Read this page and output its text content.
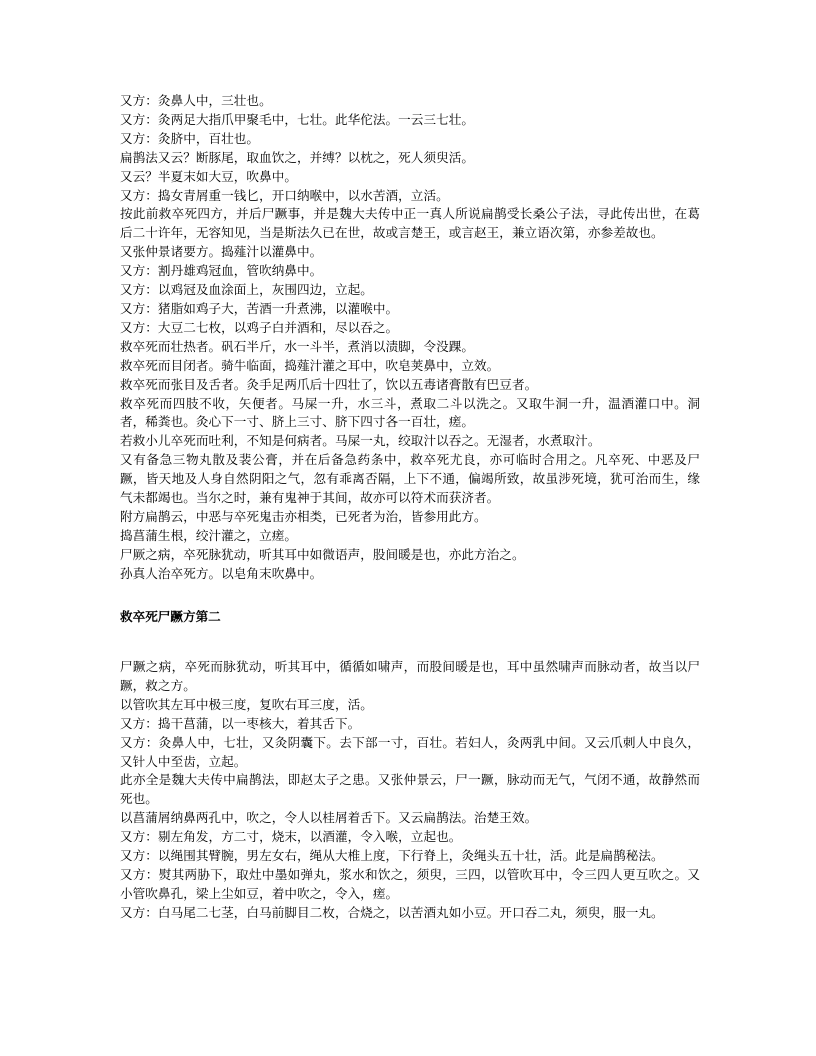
又方：灸鼻人中，三壮也。

又方：灸两足大指爪甲聚毛中，七壮。此华佗法。一云三七壮。

又方：灸脐中，百壮也。

扁鹊法又云？断豚尾，取血饮之，并缚？以枕之，死人须臾活。

又云？半夏末如大豆，吹鼻中。

又方：捣女青屑重一钱匕，开口纳喉中，以水苦酒，立活。

按此前救卒死四方，并后尸蹶事，并是魏大夫传中正一真人所说扁鹊受长桑公子法，寻此传出世，在葛后二十许年，无容知见，当是斯法久已在世，故或言楚王，或言赵王，兼立语次第，亦参差故也。

又张仲景诸要方。捣薤汁以灌鼻中。

又方：割丹雄鸡冠血，管吹纳鼻中。

又方：以鸡冠及血涂面上，灰围四边，立起。

又方：猪脂如鸡子大，苦酒一升煮沸，以灌喉中。

又方：大豆二七枚，以鸡子白并酒和，尽以吞之。

救卒死而壮热者。矾石半斤，水一斗半，煮消以渍脚，令没踝。

救卒死而目闭者。骑牛临面，捣薤汁灌之耳中，吹皂荚鼻中，立效。

救卒死而张目及舌者。灸手足两爪后十四壮了，饮以五毒诸膏散有巴豆者。

救卒死而四肢不收，矢便者。马屎一升，水三斗，煮取二斗以洗之。又取牛洞一升，温酒灌口中。洞者，稀粪也。灸心下一寸、脐上三寸、脐下四寸各一百壮，瘥。

若救小儿卒死而吐利，不知是何病者。马屎一丸，绞取汁以吞之。无湿者，水煮取汁。

又有备急三物丸散及裴公膏，并在后备急药条中，救卒死尤良，亦可临时合用之。凡卒死、中恶及尸蹶，皆天地及人身自然阴阳之气，忽有乖离否隔，上下不通，偏竭所致，故虽涉死境，犹可治而生，缘气未都竭也。当尔之时，兼有鬼神于其间，故亦可以符术而获济者。

附方扁鹊云，中恶与卒死鬼击亦相类，已死者为治，皆参用此方。

捣菖蒲生根，绞汁灌之，立瘥。

尸厥之病，卒死脉犹动，听其耳中如微语声，股间暖是也，亦此方治之。

孙真人治卒死方。以皂角末吹鼻中。

救卒死尸蹶方第二

尸蹶之病，卒死而脉犹动，听其耳中，循循如啸声，而股间暖是也，耳中虽然啸声而脉动者，故当以尸蹶，救之方。

以管吹其左耳中极三度，复吹右耳三度，活。

又方：捣干菖蒲，以一枣核大，着其舌下。

又方：灸鼻人中，七壮，又灸阴囊下。去下部一寸，百壮。若妇人，灸两乳中间。又云爪刺人中良久，又针人中至齿，立起。

此亦全是魏大夫传中扁鹊法，即赵太子之患。又张仲景云，尸一蹶，脉动而无气，气闭不通，故静然而死也。

以菖蒲屑纳鼻两孔中，吹之，令人以桂屑着舌下。又云扁鹊法。治楚王效。

又方：剔左角发，方二寸，烧末，以酒灌，令入喉，立起也。

又方：以绳围其臂腕，男左女右，绳从大椎上度，下行脊上，灸绳头五十壮，活。此是扁鹊秘法。

又方：熨其两胁下，取灶中墨如弹丸，浆水和饮之，须臾，三四，以管吹耳中，令三四人更互吹之。又小管吹鼻孔，梁上尘如豆，着中吹之，令入，瘥。

又方：白马尾二七茎，白马前脚目二枚，合烧之，以苦酒丸如小豆。开口吞二丸，须臾，服一丸。
